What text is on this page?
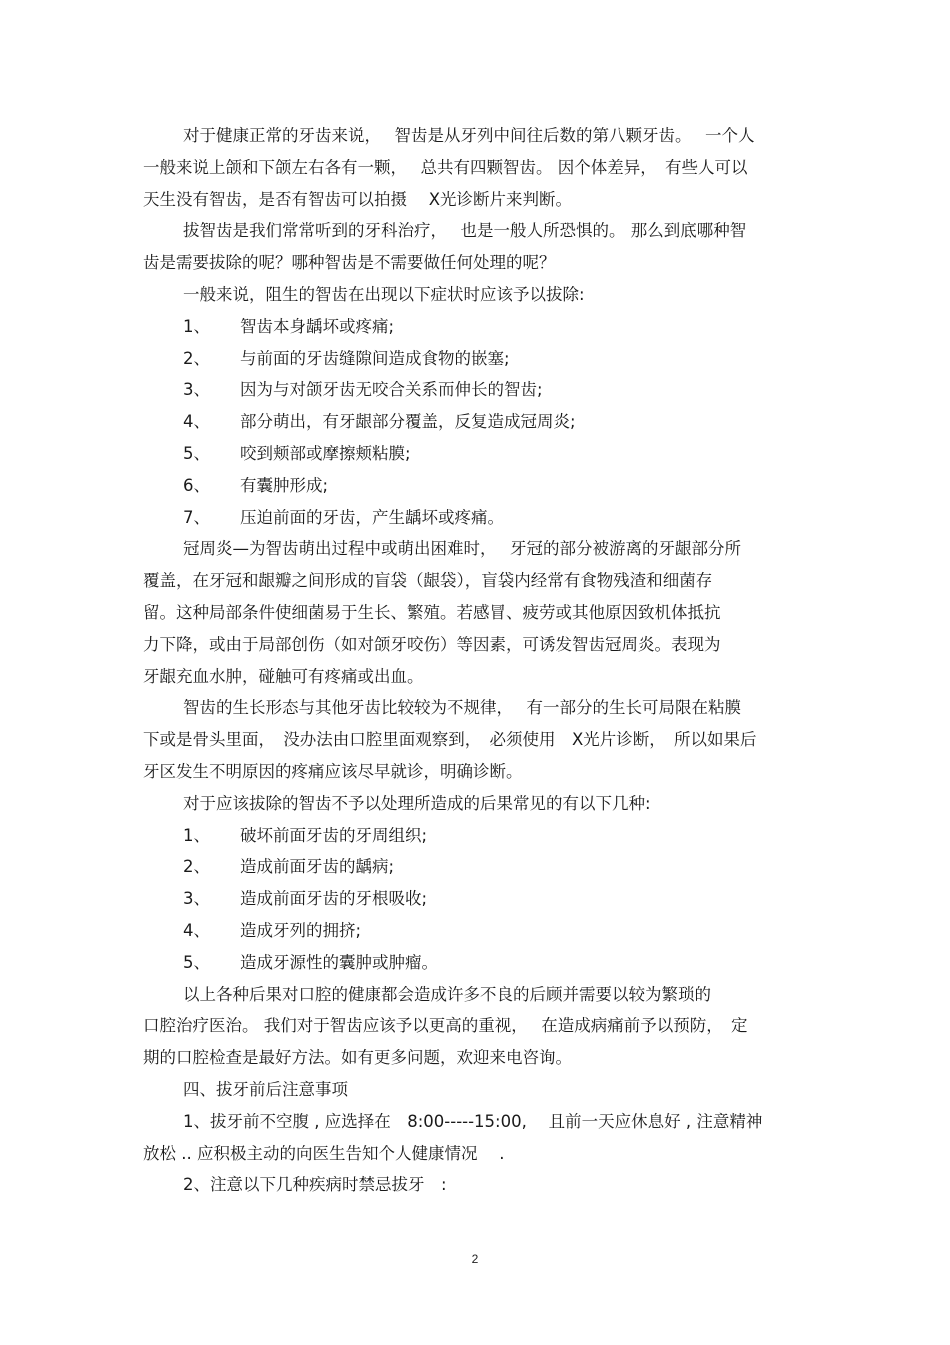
对于健康正常的牙齿来说，　 智齿是从牙列中间往后数的第八颗牙齿。　 一个人
一般来说上颌和下颌左右各有一颗，　 总共有四颗智齿。 因个体差异，　有些人可以
天生没有智齿，是否有智齿可以拍摄　 X光诊断片来判断。
拔智齿是我们常常听到的牙科治疗，　 也是一般人所恐惧的。 那么到底哪种智
齿是需要拔除的呢？哪种智齿是不需要做任何处理的呢？
一般来说，阻生的智齿在出现以下症状时应该予以拔除:
1、	智齿本身龋坏或疼痛;
2、	与前面的牙齿缝隙间造成食物的嵌塞;
3、	因为与对颌牙齿无咬合关系而伸长的智齿;
4、	部分萌出，有牙龈部分覆盖，反复造成冠周炎;
5、	咬到颊部或摩擦颊粘膜;
6、	有囊肿形成;
7、	压迫前面的牙齿，产生龋坏或疼痛。
冠周炎—为智齿萌出过程中或萌出困难时，　 牙冠的部分被游离的牙龈部分所
覆盖，在牙冠和龈瓣之间形成的盲袋（龈袋），盲袋内经常有食物残渣和细菌存
留。这种局部条件使细菌易于生长、繁殖。若感冒、疲劳或其他原因致机体抵抗
力下降，或由于局部创伤（如对颌牙咬伤）等因素，可诱发智齿冠周炎。表现为
牙龈充血水肿，碰触可有疼痛或出血。
智齿的生长形态与其他牙齿比较较为不规律，　 有一部分的生长可局限在粘膜
下或是骨头里面，　没办法由口腔里面观察到，　必须使用　X光片诊断，　所以如果后
牙区发生不明原因的疼痛应该尽早就诊，明确诊断。
对于应该拔除的智齿不予以处理所造成的后果常见的有以下几种:
1、	破坏前面牙齿的牙周组织;
2、	造成前面牙齿的龋病;
3、	造成前面牙齿的牙根吸收;
4、	造成牙列的拥挤;
5、	造成牙源性的囊肿或肿瘤。
以上各种后果对口腔的健康都会造成许多不良的后顾并需要以较为繁琐的
口腔治疗医治。 我们对于智齿应该予以更高的重视，　 在造成病痛前予以预防，　定
期的口腔检查是最好方法。如有更多问题，欢迎来电咨询。
四、拔牙前后注意事项
1、拔牙前不空腹 , 应选择在　8:00-----15:00,　 且前一天应休息好 , 注意精神
放松 .. 应积极主动的向医生告知个人健康情况　 .
2、注意以下几种疾病时禁忌拔牙　:
2
